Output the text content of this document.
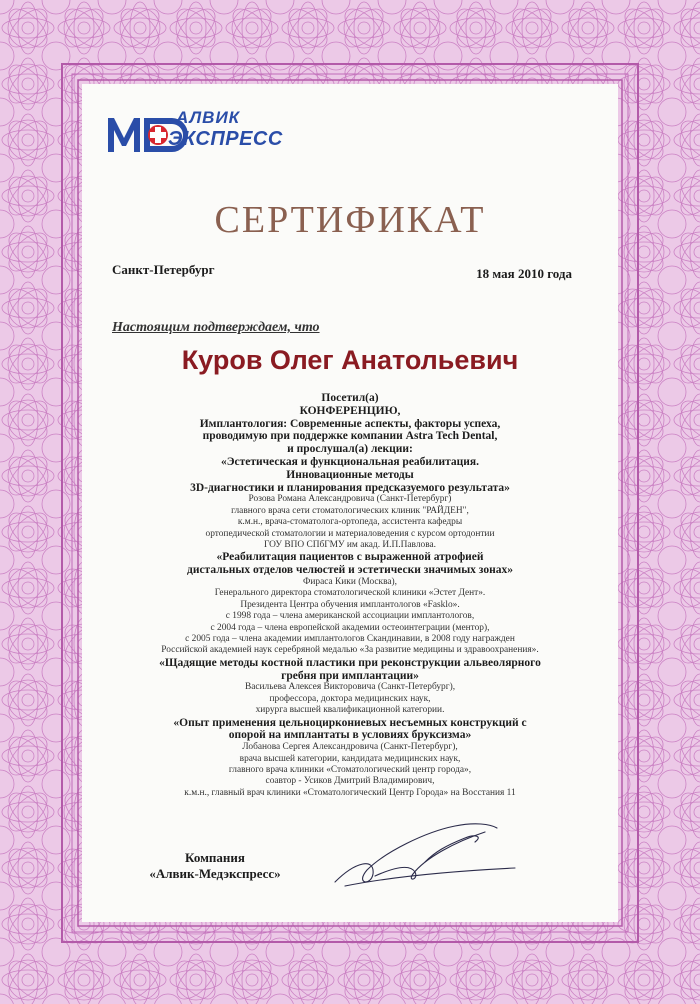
АЛВИК
ЭКСПРЕСС
СЕРТИФИКАТ
Санкт-Петербург	18 мая 2010 года
Настоящим подтверждаем, что
Куров Олег Анатольевич
Посетил(а)
КОНФЕРЕНЦИЮ,
Имплантология: Современные аспекты, факторы успеха,
проводимую при поддержке компании Astra Tech Dental,
и прослушал(а) лекции:
«Эстетическая и функциональная реабилитация.
Инновационные методы
3D-диагностики и планирования предсказуемого результата»
Розова Романа Александровича (Санкт-Петербург)
главного врача сети стоматологических клиник "РАЙДЕН",
к.м.н., врача-стоматолога-ортопеда, ассистента кафедры
ортопедической стоматологии и материаловедения с курсом ортодонтии
ГОУ ВПО СПбГМУ им акад. И.П.Павлова.
«Реабилитация пациентов с выраженной атрофией
дистальных отделов челюстей и эстетически значимых зонах»
Фираса Кики (Москва),
Генерального директора стоматологической клиники «Эстет Дент».
Президента Центра обучения имплантологов «Fasklo».
с 1998 года – члена американской ассоциации имплантологов,
с 2004 года – члена европейской академии остеоинтеграции (ментор),
с 2005 года – члена академии имплантологов Скандинавии, в 2008 году награжден
Российской академией наук серебряной медалью «За развитие медицины и здравоохранения».
«Щадящие методы костной пластики при реконструкции альвеолярного
гребня при имплантации»
Васильева Алексея Викторовича (Санкт-Петербург),
профессора, доктора медицинских наук,
хирурга высшей квалификационной категории.
«Опыт применения цельноциркониевых несъемных конструкций с
опорой на имплантаты в условиях бруксизма»
Лобанова Сергея Александровича (Санкт-Петербург),
врача высшей категории, кандидата медицинских наук,
главного врача клиники «Стоматологический центр города»,
соавтор - Усиков Дмитрий Владимирович,
к.м.н., главный врач клиники «Стоматологический Центр Города» на Восстания 11
Компания
«Алвик-Медэкспресс»
